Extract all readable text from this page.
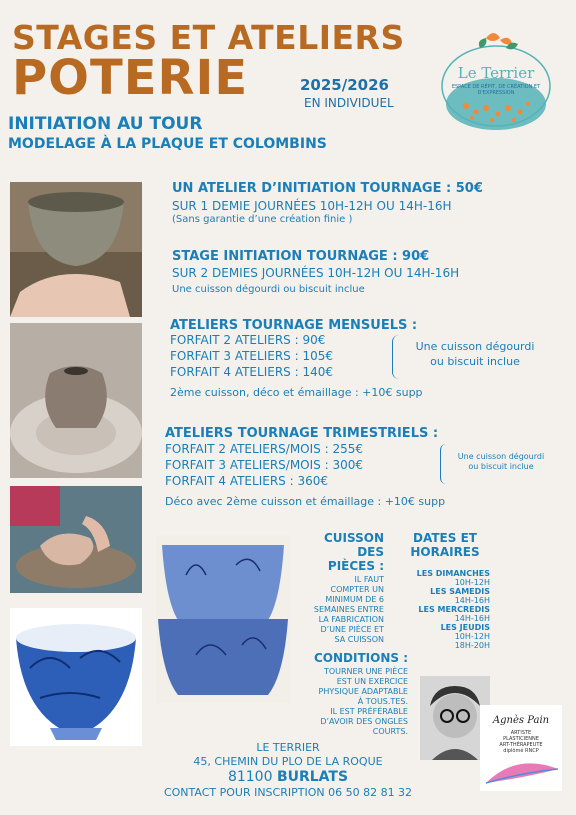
STAGES ET ATELIERS
POTERIE	2025/2026
EN INDIVIDUEL
INITIATION AU TOUR
MODELAGE À LA PLAQUE ET COLOMBINS
Le Terrier
ESPACE DE RÉPIT, DE CRÉATION ET D'EXPRESSION
UN ATELIER D’INITIATION TOURNAGE : 50€
SUR 1 DEMIE JOURNÉES 10H-12H OU 14H-16H
(Sans garantie d’une création finie )
STAGE INITIATION TOURNAGE : 90€
SUR 2 DEMIES JOURNÉES 10H-12H OU 14H-16H
Une cuisson dégourdi ou biscuit inclue
ATELIERS TOURNAGE MENSUELS :
FORFAIT 2 ATELIERS : 90€
FORFAIT 3 ATELIERS : 105€
FORFAIT 4 ATELIERS : 140€
Une cuisson dégourdi
ou biscuit inclue
2ème cuisson, déco et émaillage : +10€ supp
ATELIERS TOURNAGE TRIMESTRIELS :
FORFAIT 2 ATELIERS/MOIS : 255€
FORFAIT 3 ATELIERS/MOIS : 300€
FORFAIT 4 ATELIERS : 360€
Une cuisson dégourdi
ou biscuit inclue
Déco avec 2ème cuisson et émaillage : +10€ supp
CUISSON
DES
PIÈCES :
IL FAUT
COMPTER UN
MINIMUM DE 6
SEMAINES ENTRE
LA FABRICATION
D’UNE PIÈCE ET
SA CUISSON
CONDITIONS :
TOURNER UNE PIÈCE
EST UN EXERCICE
PHYSIQUE ADAPTABLE
À TOUS.TES.
IL EST PRÉFÉRABLE
D’AVOIR DES ONGLES
COURTS.
DATES ET
HORAIRES
LES DIMANCHES
10H-12H
LES SAMEDIS
14H-16H
LES MERCREDIS
14H-16H
LES JEUDIS
10H-12H
18H-20H
Agnès Pain
ARTISTE
PLASTICIENNE
ART-THÉRAPEUTE
diplômé RNCP
LE TERRIER
45, CHEMIN DU PLO DE LA ROQUE
81100 BURLATS
CONTACT POUR INSCRIPTION 06 50 82 81 32
